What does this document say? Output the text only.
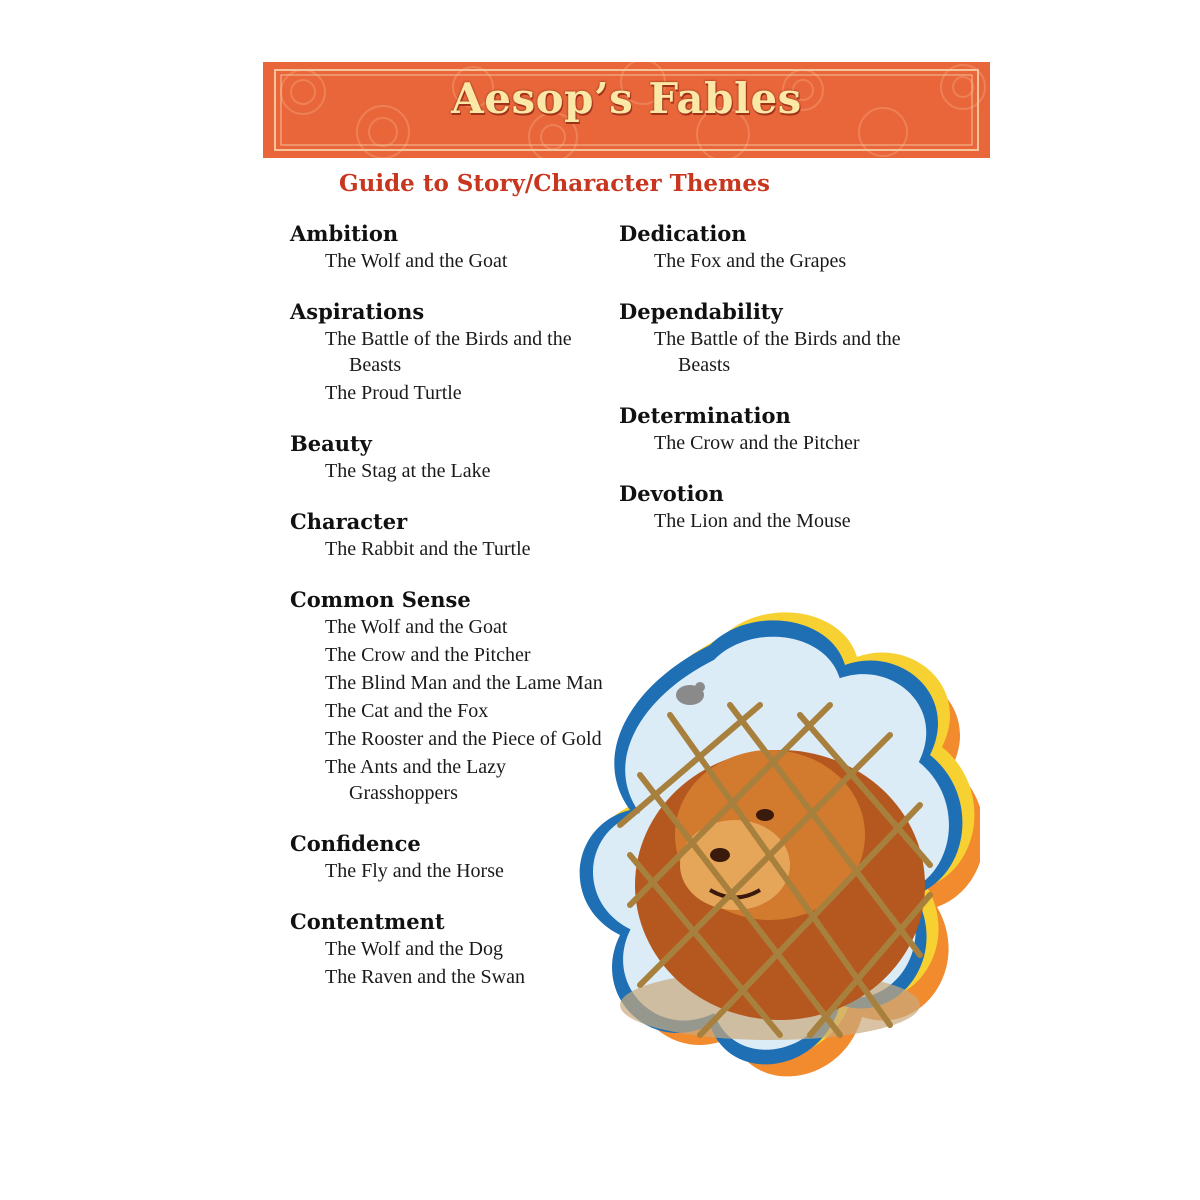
Aesop’s Fables
Guide to Story/Character Themes
Ambition
The Wolf and the Goat
Aspirations
The Battle of the Birds and the Beasts
The Proud Turtle
Beauty
The Stag at the Lake
Character
The Rabbit and the Turtle
Common Sense
The Wolf and the Goat
The Crow and the Pitcher
The Blind Man and the Lame Man
The Cat and the Fox
The Rooster and the Piece of Gold
The Ants and the Lazy Grasshoppers
Confidence
The Fly and the Horse
Contentment
The Wolf and the Dog
The Raven and the Swan
Dedication
The Fox and the Grapes
Dependability
The Battle of the Birds and the Beasts
Determination
The Crow and the Pitcher
Devotion
The Lion and the Mouse
